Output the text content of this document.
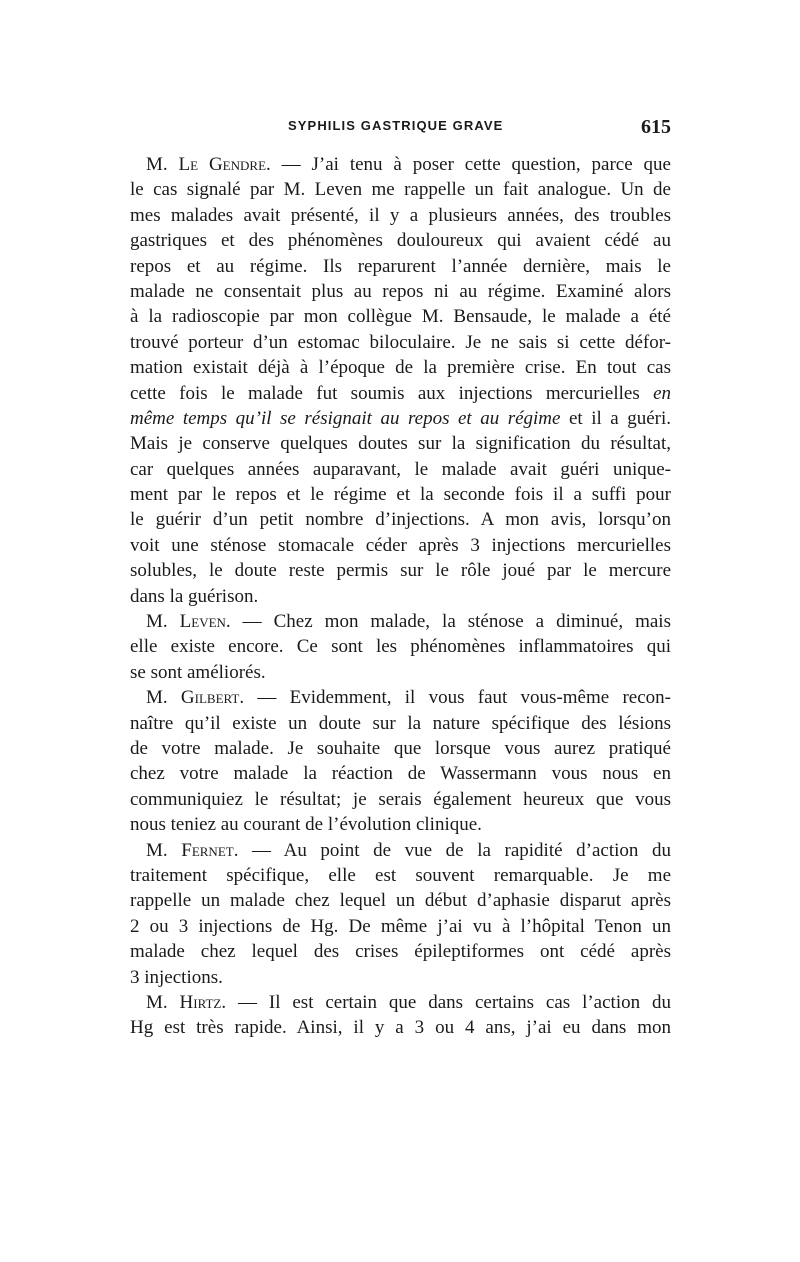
SYPHILIS GASTRIQUE GRAVE	615
M. Le Gendre. — J’ai tenu à poser cette question, parce que
le cas signalé par M. Leven me rappelle un fait analogue. Un de
mes malades avait présenté, il y a plusieurs années, des troubles
gastriques et des phénomènes douloureux qui avaient cédé au
repos et au régime. Ils reparurent l’année dernière, mais le
malade ne consentait plus au repos ni au régime. Examiné alors
à la radioscopie par mon collègue M. Bensaude, le malade a été
trouvé porteur d’un estomac biloculaire. Je ne sais si cette défor-
mation existait déjà à l’époque de la première crise. En tout cas
cette fois le malade fut soumis aux injections mercurielles en
même temps qu’il se résignait au repos et au régime et il a guéri.
Mais je conserve quelques doutes sur la signification du résultat,
car quelques années auparavant, le malade avait guéri unique-
ment par le repos et le régime et la seconde fois il a suffi pour
le guérir d’un petit nombre d’injections. A mon avis, lorsqu’on
voit une sténose stomacale céder après 3 injections mercurielles
solubles, le doute reste permis sur le rôle joué par le mercure
dans la guérison.
M. Leven. — Chez mon malade, la sténose a diminué, mais
elle existe encore. Ce sont les phénomènes inflammatoires qui
se sont améliorés.
M. Gilbert. — Evidemment, il vous faut vous-même recon-
naître qu’il existe un doute sur la nature spécifique des lésions
de votre malade. Je souhaite que lorsque vous aurez pratiqué
chez votre malade la réaction de Wassermann vous nous en
communiquiez le résultat; je serais également heureux que vous
nous teniez au courant de l’évolution clinique.
M. Fernet. — Au point de vue de la rapidité d’action du
traitement spécifique, elle est souvent remarquable. Je me
rappelle un malade chez lequel un début d’aphasie disparut après
2 ou 3 injections de Hg. De même j’ai vu à l’hôpital Tenon un
malade chez lequel des crises épileptiformes ont cédé après
3 injections.
M. Hirtz. — Il est certain que dans certains cas l’action du
Hg est très rapide. Ainsi, il y a 3 ou 4 ans, j’ai eu dans mon
